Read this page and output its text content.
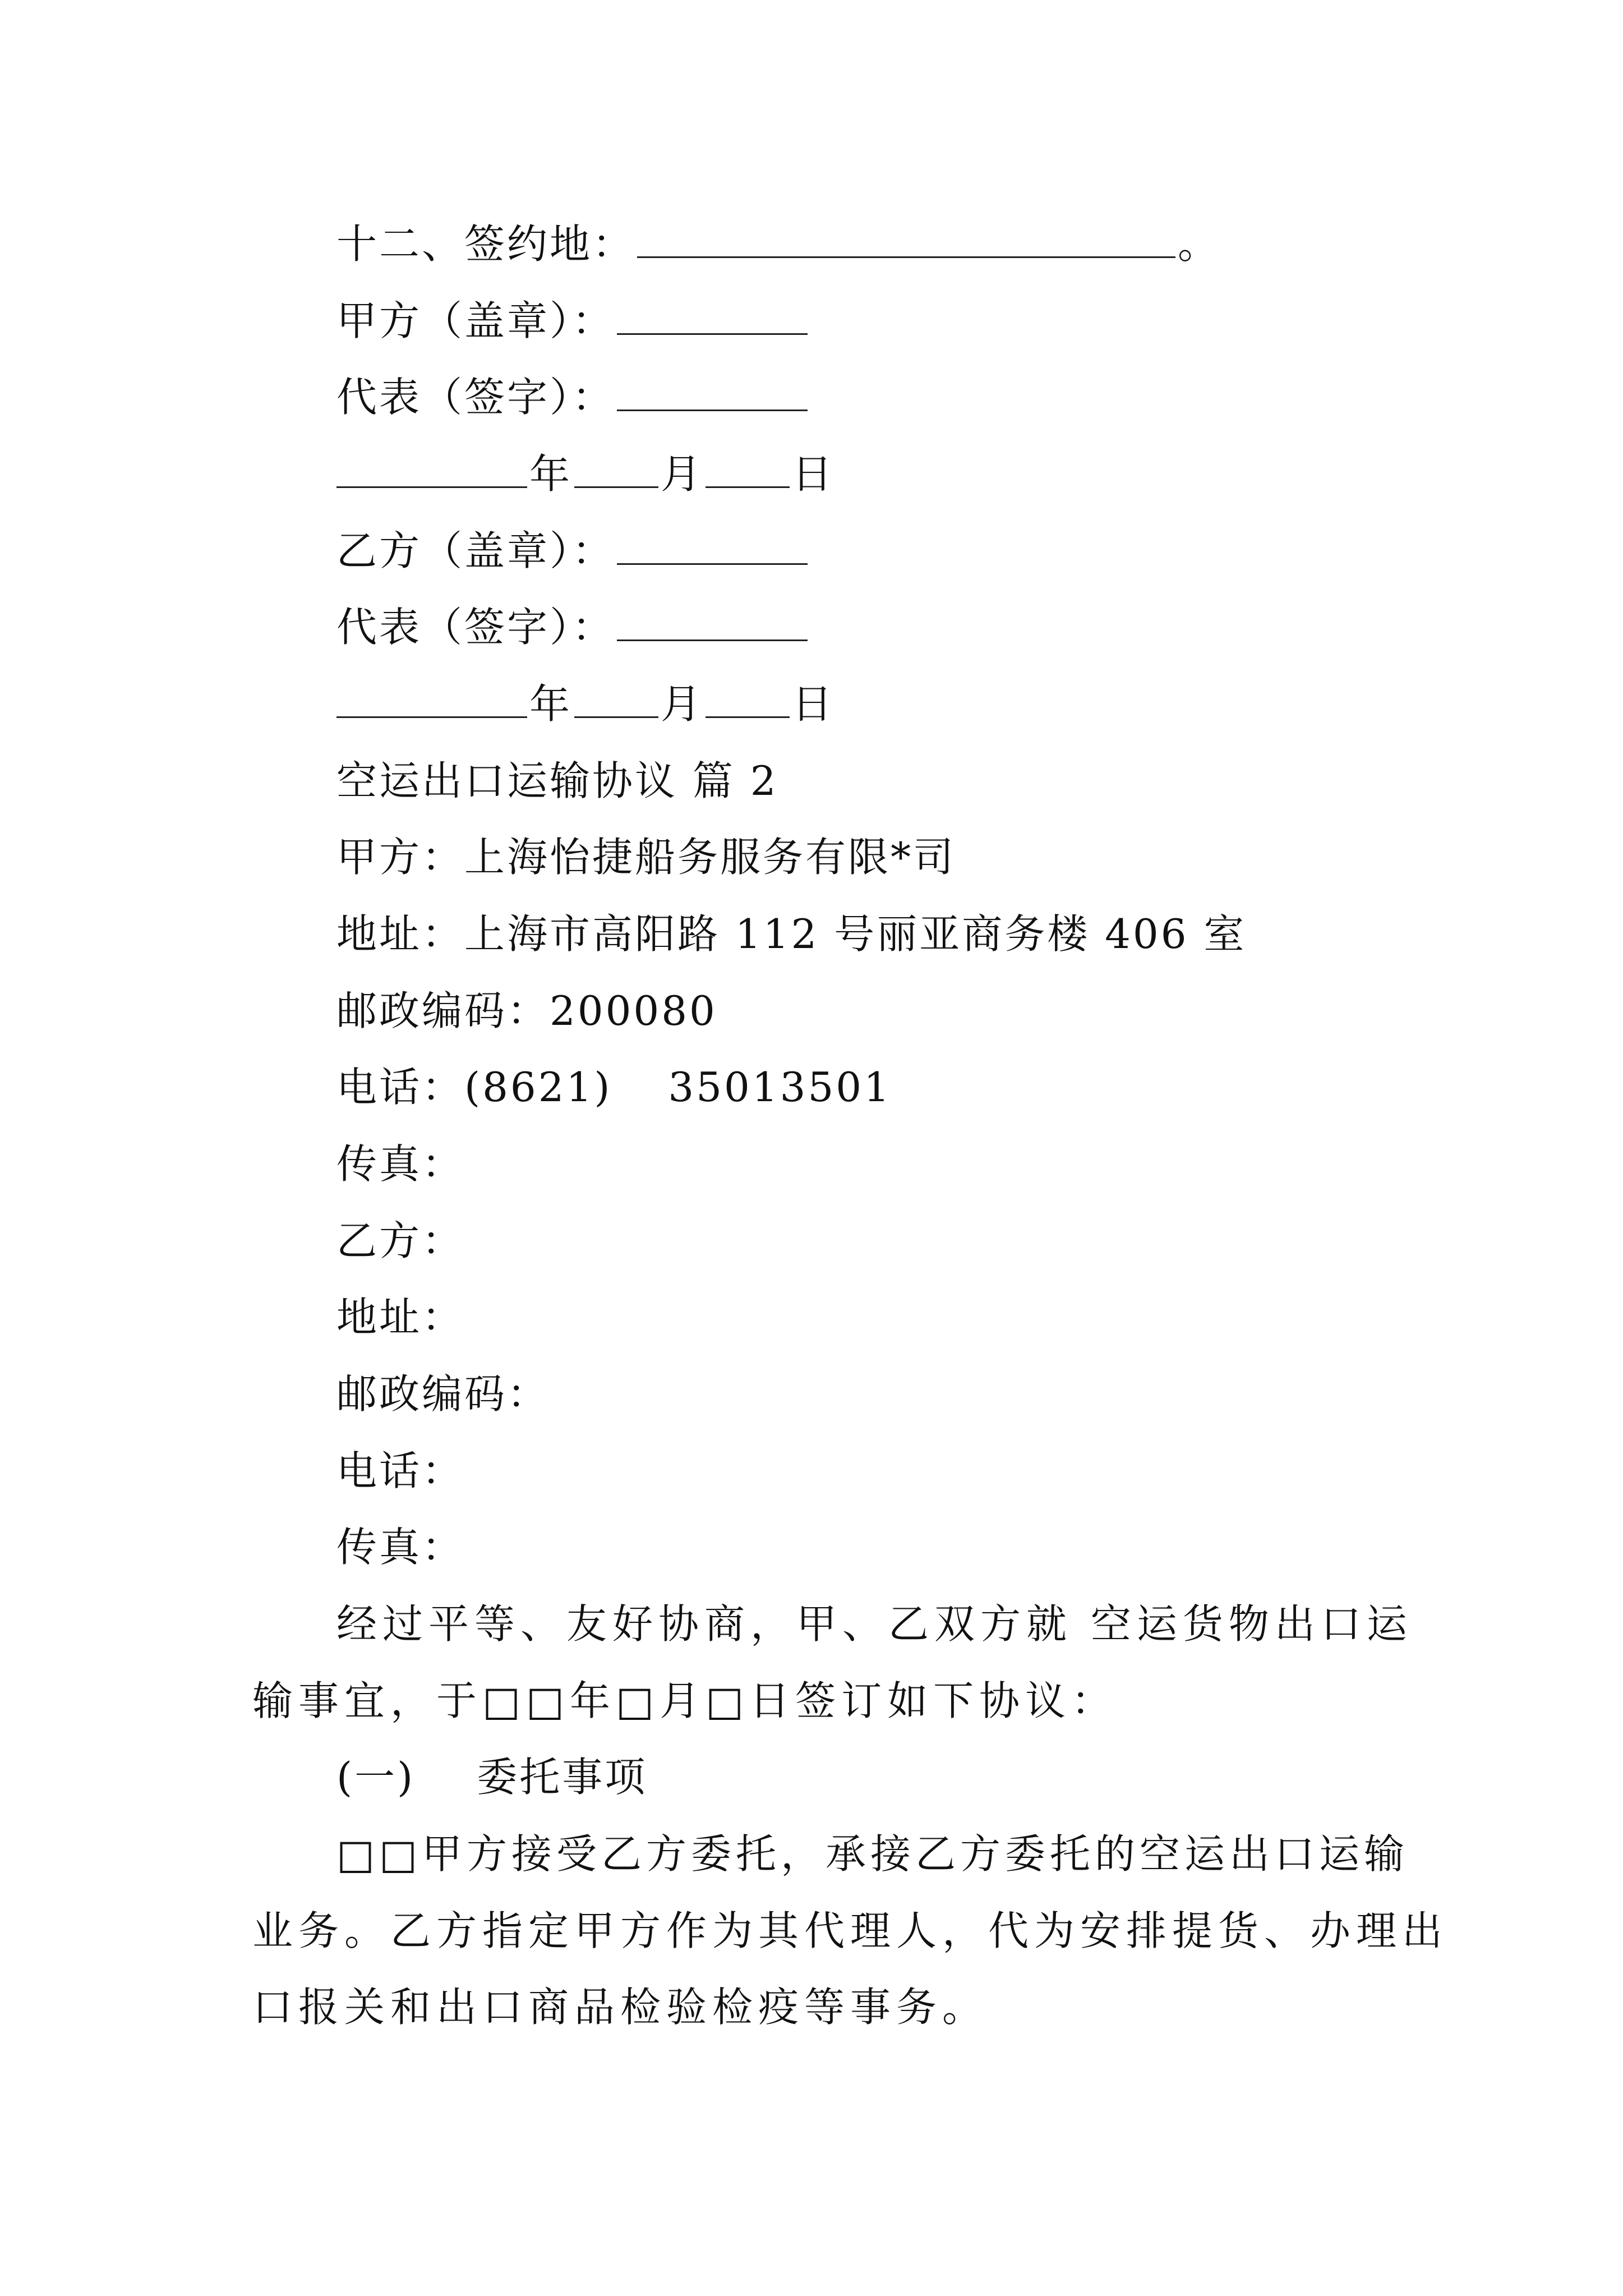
十二、签约地：	。
甲方（盖章）：
代表（签字）：
年 月 日
乙方（盖章）：
代表（签字）：
年 月 日
空运出口运输协议 篇 2
甲方：上海怡捷船务服务有限*司
地址：上海市高阳路 112 号丽亚商务楼 406 室
邮政编码：200080
电话：(8621) 35013501
传真：
乙方：
地址：
邮政编码：
电话：
传真：
经过平等、友好协商，甲、乙双方就 空运货物出口运
输事宜，于□□年□月□日签订如下协议：
(一) 委托事项
□□甲方接受乙方委托，承接乙方委托的空运出口运输
业务。乙方指定甲方作为其代理人，代为安排提货、办理出
口报关和出口商品检验检疫等事务。
